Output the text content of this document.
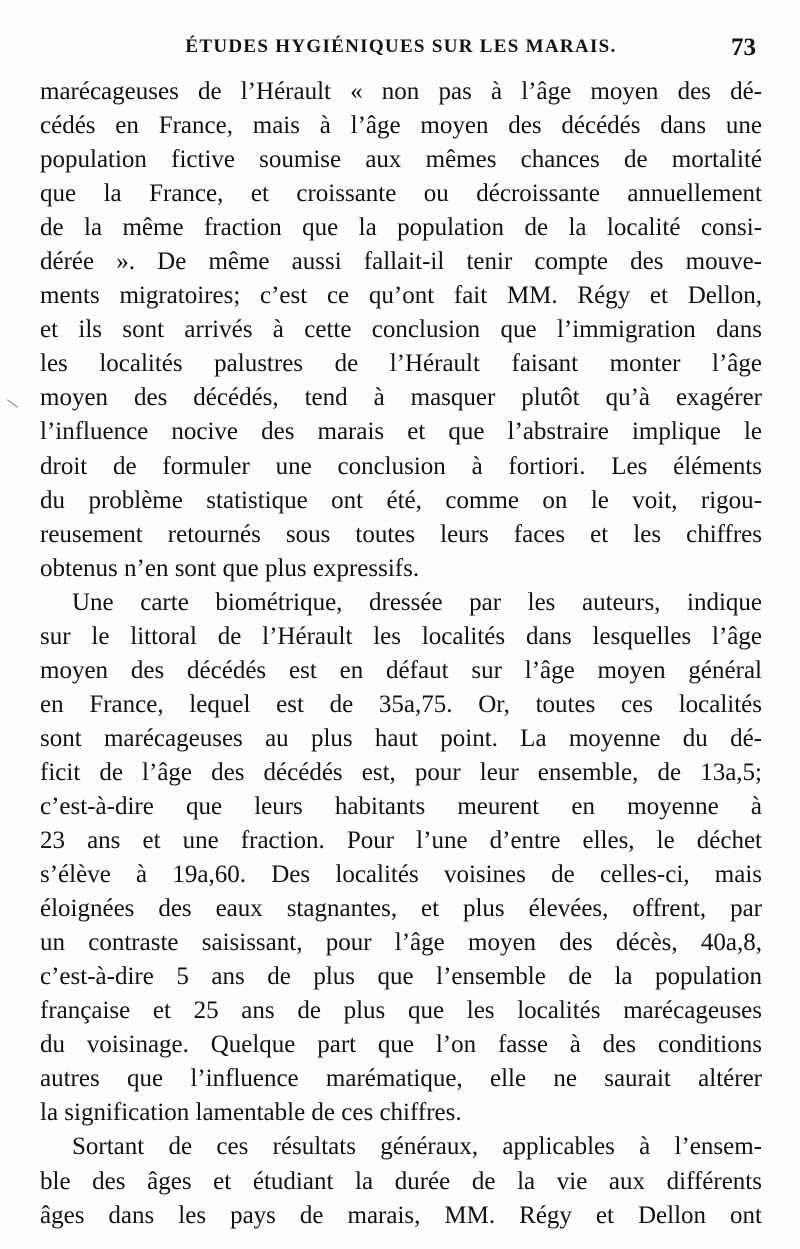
ÉTUDES HYGIÉNIQUES SUR LES MARAIS.	73
marécageuses de l’Hérault « non pas à l’âge moyen des dé-
cédés en France, mais à l’âge moyen des décédés dans une
population fictive soumise aux mêmes chances de mortalité
que la France, et croissante ou décroissante annuellement
de la même fraction que la population de la localité consi-
dérée ». De même aussi fallait-il tenir compte des mouve-
ments migratoires; c’est ce qu’ont fait MM. Régy et Dellon,
et ils sont arrivés à cette conclusion que l’immigration dans
les localités palustres de l’Hérault faisant monter l’âge
moyen des décédés, tend à masquer plutôt qu’à exagérer
l’influence nocive des marais et que l’abstraire implique le
droit de formuler une conclusion à fortiori. Les éléments
du problème statistique ont été, comme on le voit, rigou-
reusement retournés sous toutes leurs faces et les chiffres
obtenus n’en sont que plus expressifs.
Une carte biométrique, dressée par les auteurs, indique
sur le littoral de l’Hérault les localités dans lesquelles l’âge
moyen des décédés est en défaut sur l’âge moyen général
en France, lequel est de 35a,75. Or, toutes ces localités
sont marécageuses au plus haut point. La moyenne du dé-
ficit de l’âge des décédés est, pour leur ensemble, de 13a,5;
c’est-à-dire que leurs habitants meurent en moyenne à
23 ans et une fraction. Pour l’une d’entre elles, le déchet
s’élève à 19a,60. Des localités voisines de celles-ci, mais
éloignées des eaux stagnantes, et plus élevées, offrent, par
un contraste saisissant, pour l’âge moyen des décès, 40a,8,
c’est-à-dire 5 ans de plus que l’ensemble de la population
française et 25 ans de plus que les localités marécageuses
du voisinage. Quelque part que l’on fasse à des conditions
autres que l’influence marématique, elle ne saurait altérer
la signification lamentable de ces chiffres.
Sortant de ces résultats généraux, applicables à l’ensem-
ble des âges et étudiant la durée de la vie aux différents
âges dans les pays de marais, MM. Régy et Dellon ont
